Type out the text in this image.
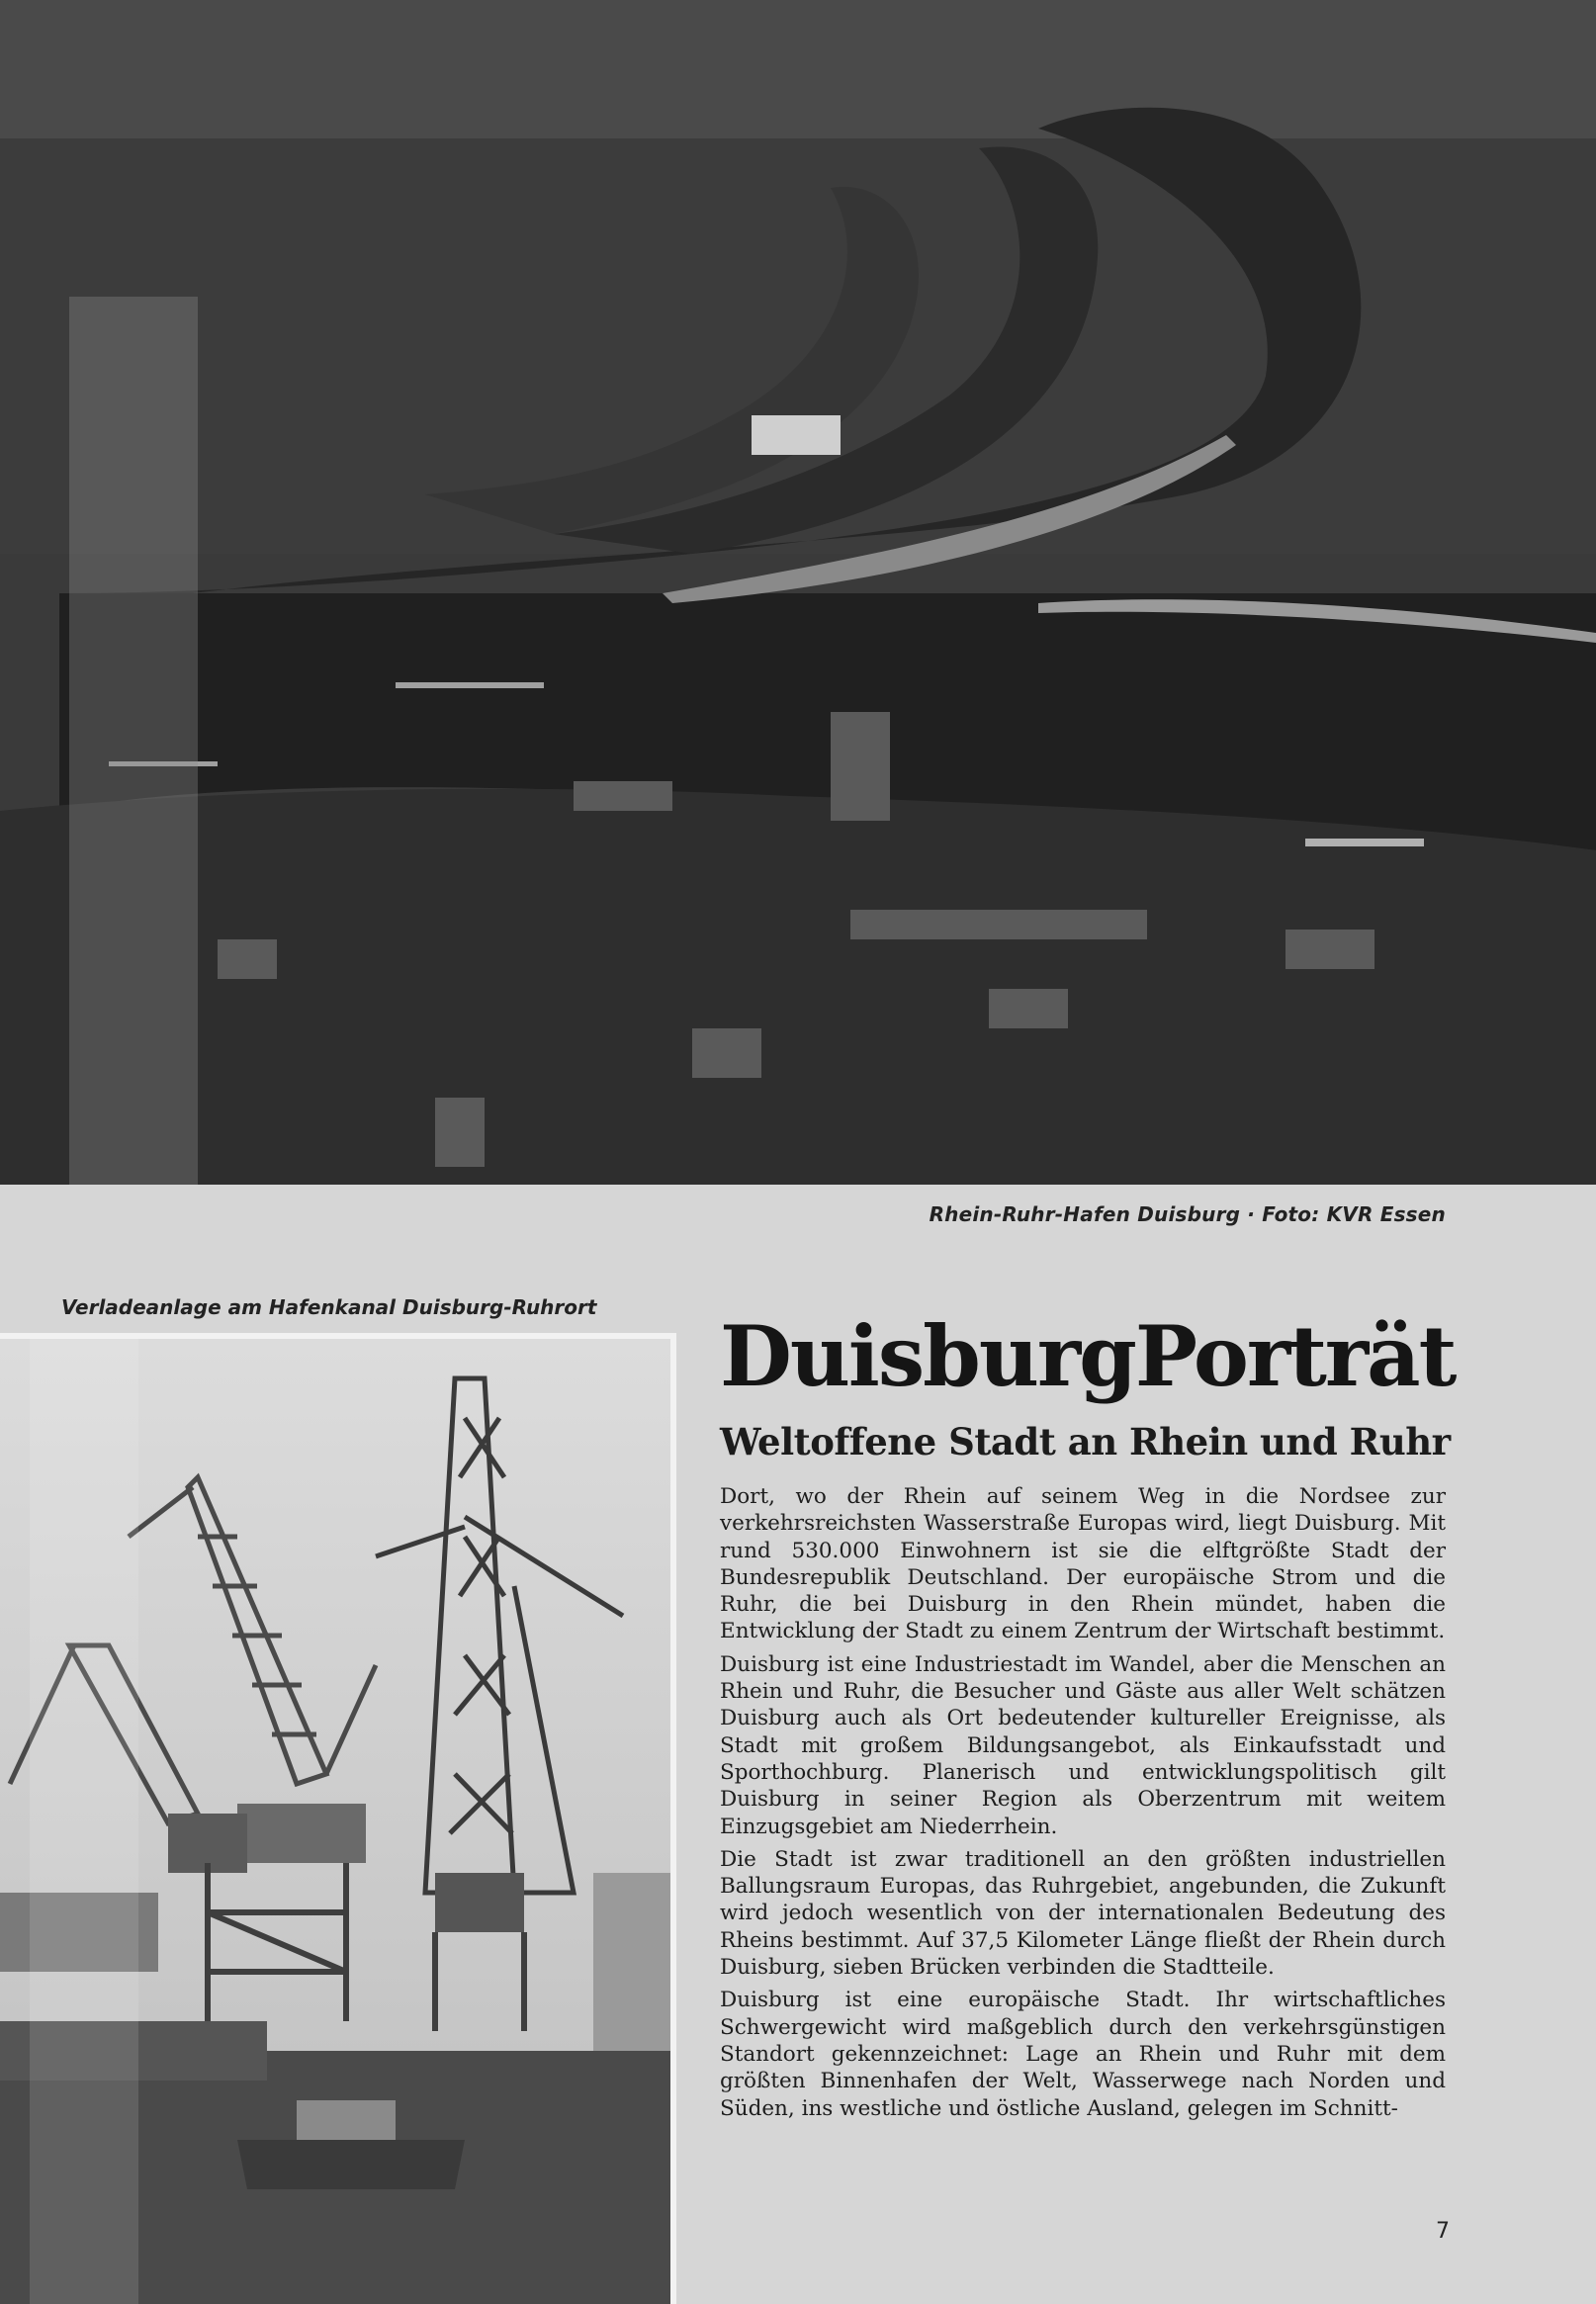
Rhein-Ruhr-Hafen Duisburg · Foto: KVR Essen
Verladeanlage am Hafenkanal Duisburg-Ruhrort DuisburgPorträt
Weltoffene Stadt an Rhein und Ruhr

Dort, wo der Rhein auf seinem Weg in die Nordsee zur verkehrsreichsten Wasserstraße Europas wird, liegt Duisburg. Mit rund 530.000 Einwohnern ist sie die elftgrößte Stadt der Bundesrepublik Deutschland. Der europäische Strom und die Ruhr, die bei Duisburg in den Rhein mündet, haben die Entwicklung der Stadt zu einem Zentrum der Wirtschaft bestimmt.

Duisburg ist eine Industriestadt im Wandel, aber die Menschen an Rhein und Ruhr, die Besucher und Gäste aus aller Welt schätzen Duisburg auch als Ort bedeutender kultureller Ereignisse, als Stadt mit großem Bildungsangebot, als Einkaufsstadt und Sporthochburg. Planerisch und entwicklungspolitisch gilt Duisburg in seiner Region als Oberzentrum mit weitem Einzugsgebiet am Niederrhein.

Die Stadt ist zwar traditionell an den größten industriellen Ballungsraum Europas, das Ruhrgebiet, angebunden, die Zukunft wird jedoch wesentlich von der internationalen Bedeutung des Rheins bestimmt. Auf 37,5 Kilometer Länge fließt der Rhein durch Duisburg, sieben Brücken verbinden die Stadtteile.

Duisburg ist eine europäische Stadt. Ihr wirtschaftliches Schwergewicht wird maßgeblich durch den verkehrsgünstigen Standort gekennzeichnet: Lage an Rhein und Ruhr mit dem größten Binnenhafen der Welt, Wasserwege nach Norden und Süden, ins westliche und östliche Ausland, gelegen im Schnitt-

7
